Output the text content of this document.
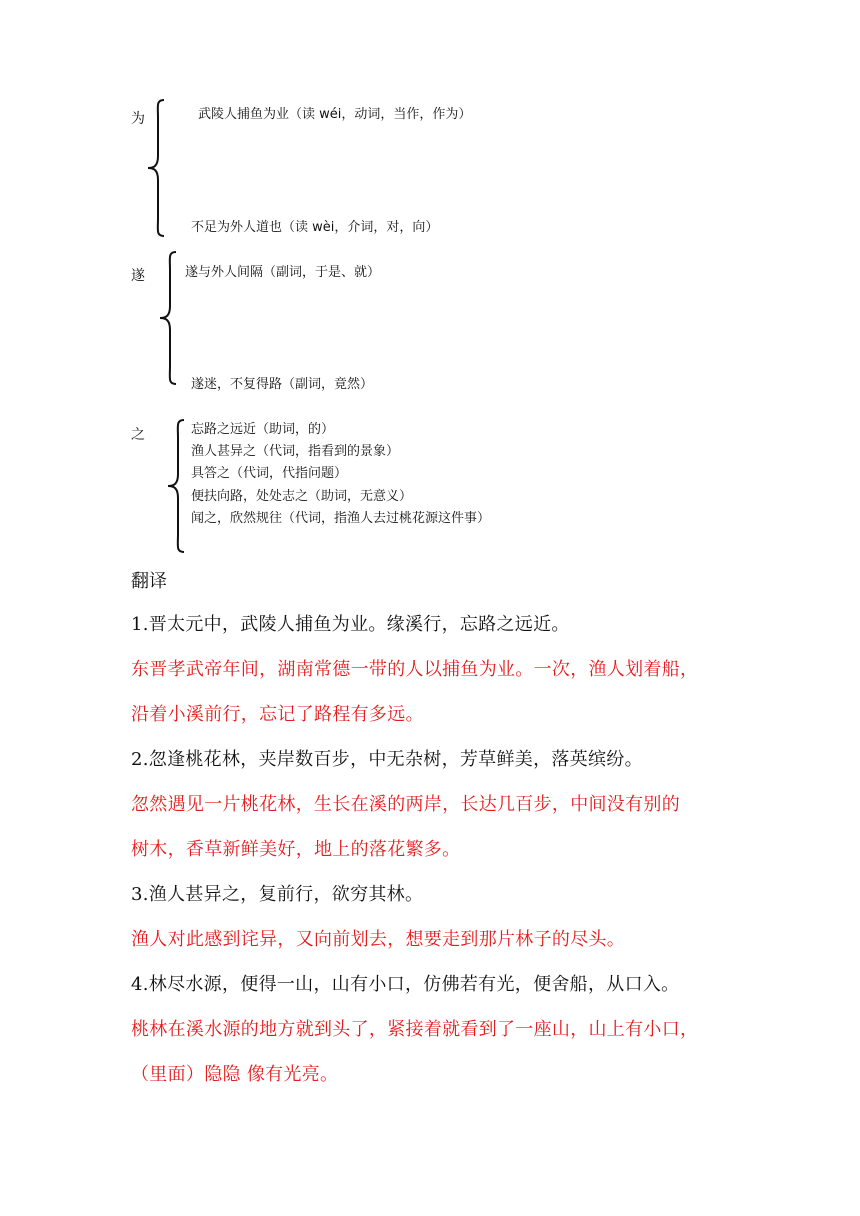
为	武陵人捕鱼为业（读 wéi，动词，当作，作为）
不足为外人道也（读 wèi，介词，对，向）
遂	遂与外人间隔（副词，于是、就）
遂迷，不复得路（副词，竟然）
之	忘路之远近（助词，的）
渔人甚异之（代词，指看到的景象）
具答之（代词，代指问题）
便扶向路，处处志之（助词，无意义）
闻之，欣然规往（代词，指渔人去过桃花源这件事）
翻译
1.晋太元中，武陵人捕鱼为业。缘溪行，忘路之远近。
东晋孝武帝年间，湖南常德一带的人以捕鱼为业。一次，渔人划着船，
沿着小溪前行，忘记了路程有多远。
2.忽逢桃花林，夹岸数百步，中无杂树，芳草鲜美，落英缤纷。
忽然遇见一片桃花林，生长在溪的两岸，长达几百步，中间没有别的
树木，香草新鲜美好，地上的落花繁多。
3.渔人甚异之，复前行，欲穷其林。
渔人对此感到诧异，又向前划去，想要走到那片林子的尽头。
4.林尽水源，便得一山，山有小口，仿佛若有光，便舍船，从口入。
桃林在溪水源的地方就到头了，紧接着就看到了一座山，山上有小口，
（里面）隐隐 像有光亮。
